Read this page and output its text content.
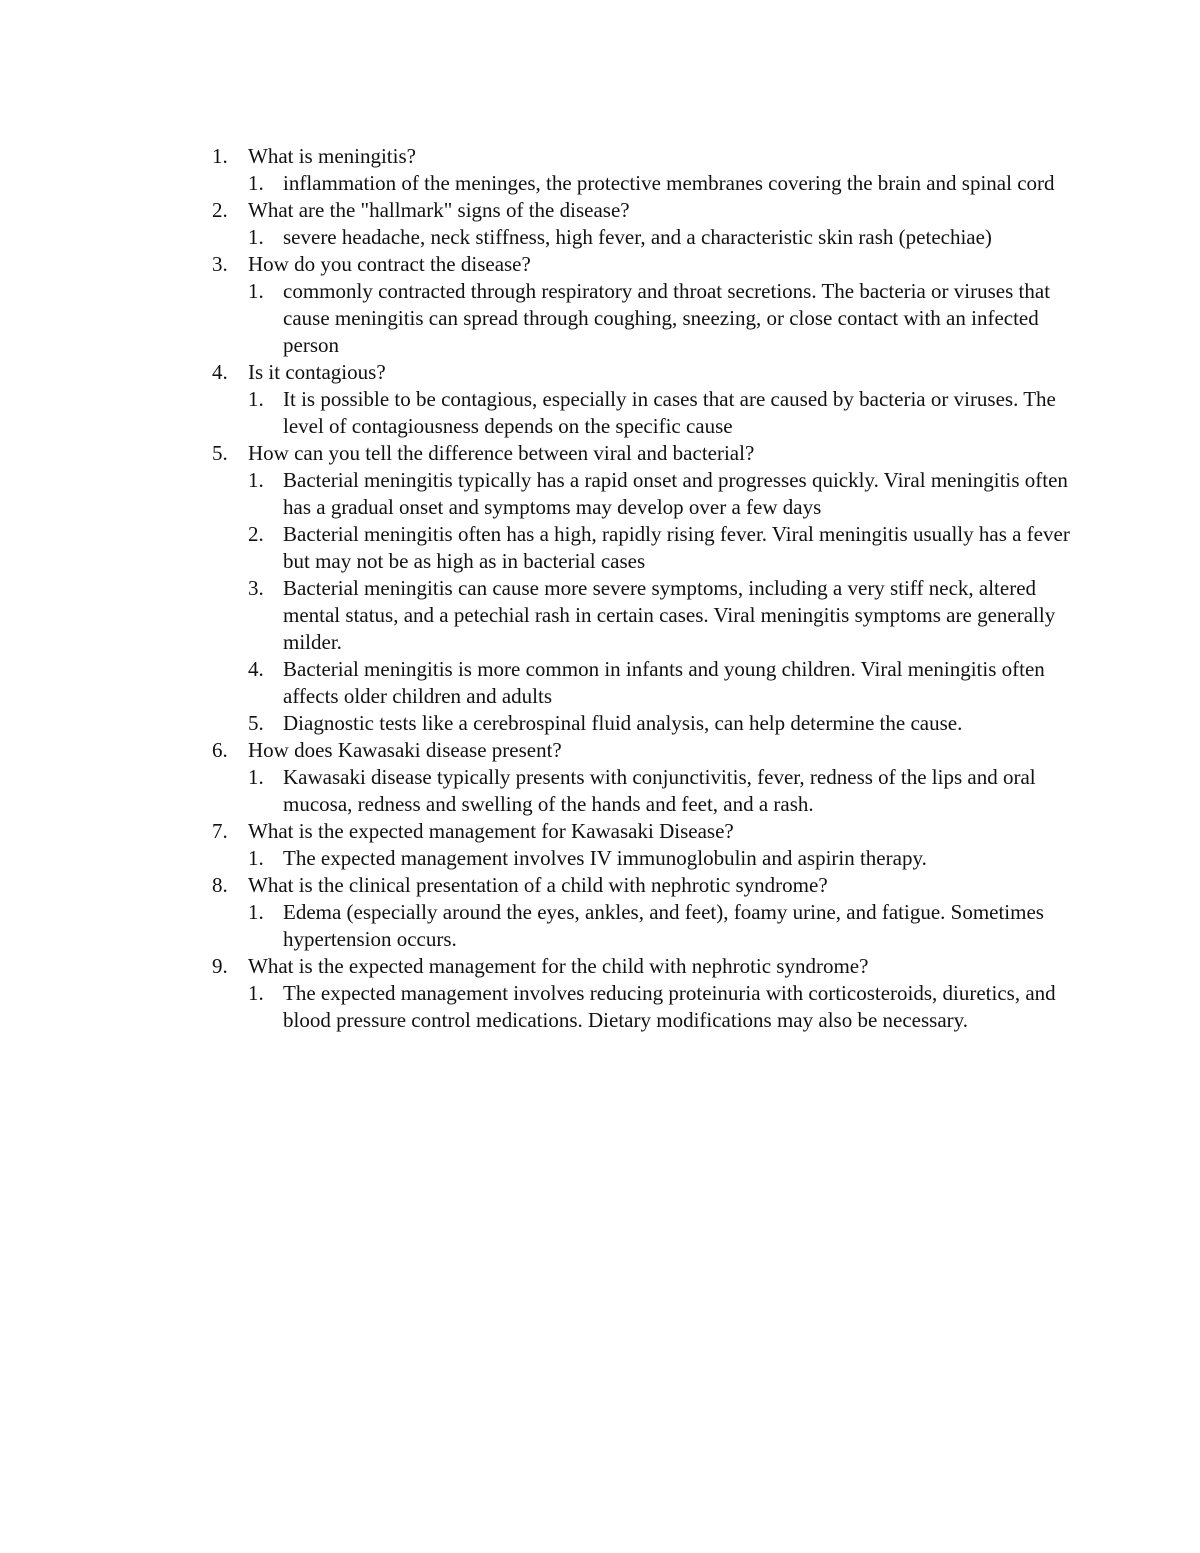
1. What is meningitis?
1. inflammation of the meninges, the protective membranes covering the brain and spinal cord
2. What are the "hallmark" signs of the disease?
1. severe headache, neck stiffness, high fever, and a characteristic skin rash (petechiae)
3. How do you contract the disease?
1. commonly contracted through respiratory and throat secretions. The bacteria or viruses that cause meningitis can spread through coughing, sneezing, or close contact with an infected person
4. Is it contagious?
1. It is possible to be contagious, especially in cases that are caused by bacteria or viruses. The level of contagiousness depends on the specific cause
5. How can you tell the difference between viral and bacterial?
1. Bacterial meningitis typically has a rapid onset and progresses quickly. Viral meningitis often has a gradual onset and symptoms may develop over a few days
2. Bacterial meningitis often has a high, rapidly rising fever. Viral meningitis usually has a fever but may not be as high as in bacterial cases
3. Bacterial meningitis can cause more severe symptoms, including a very stiff neck, altered mental status, and a petechial rash in certain cases. Viral meningitis symptoms are generally milder.
4. Bacterial meningitis is more common in infants and young children. Viral meningitis often affects older children and adults
5. Diagnostic tests like a cerebrospinal fluid analysis, can help determine the cause.
6. How does Kawasaki disease present?
1. Kawasaki disease typically presents with conjunctivitis, fever, redness of the lips and oral mucosa, redness and swelling of the hands and feet, and a rash.
7. What is the expected management for Kawasaki Disease?
1. The expected management involves IV immunoglobulin and aspirin therapy.
8. What is the clinical presentation of a child with nephrotic syndrome?
1. Edema (especially around the eyes, ankles, and feet), foamy urine, and fatigue. Sometimes hypertension occurs.
9. What is the expected management for the child with nephrotic syndrome?
1. The expected management involves reducing proteinuria with corticosteroids, diuretics, and blood pressure control medications. Dietary modifications may also be necessary.
